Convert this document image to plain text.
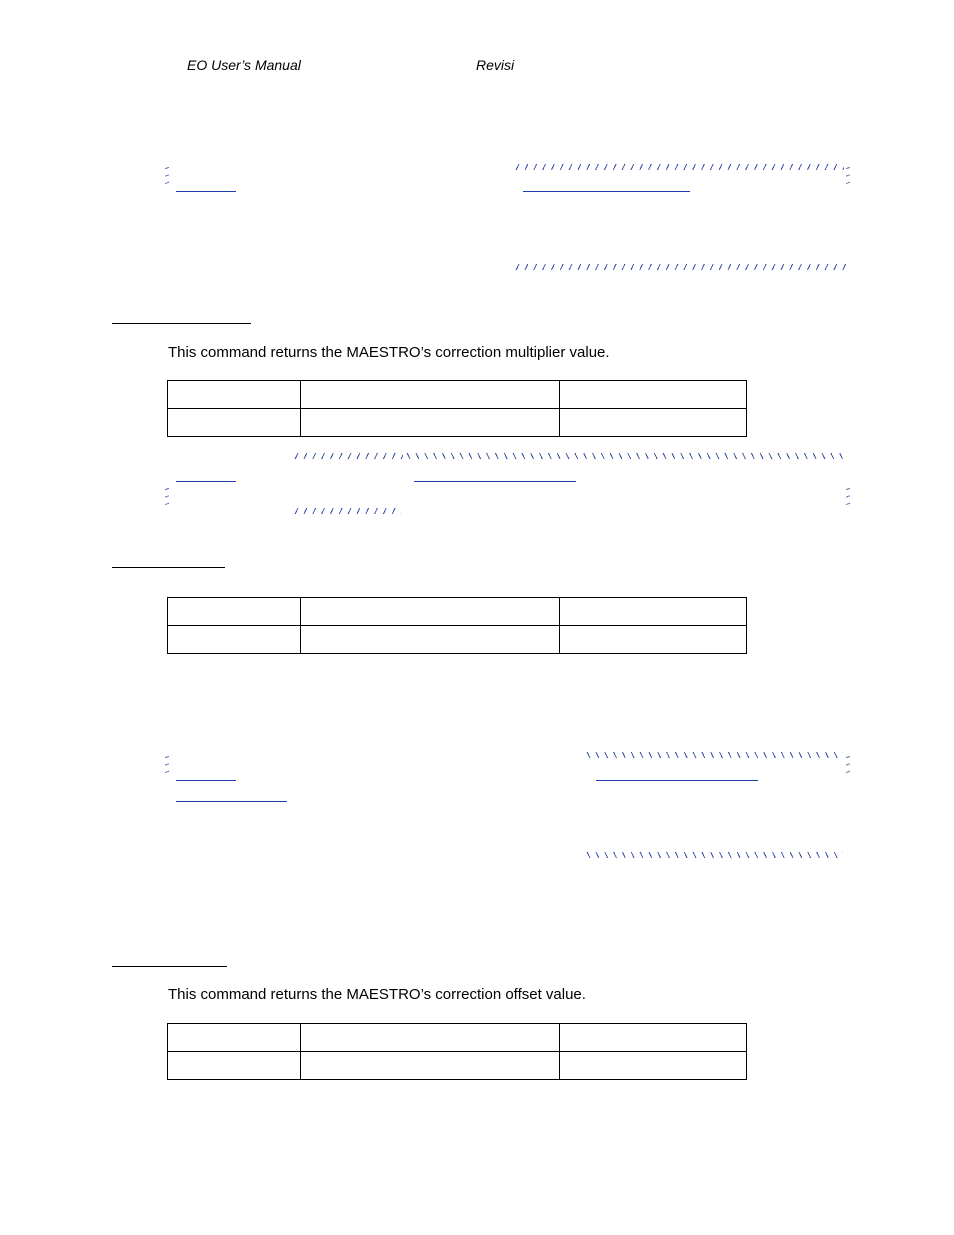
EO User’s Manual	Revisi
This command returns the MAESTRO’s correction multiplier value.

This command returns the MAESTRO’s correction offset value.
